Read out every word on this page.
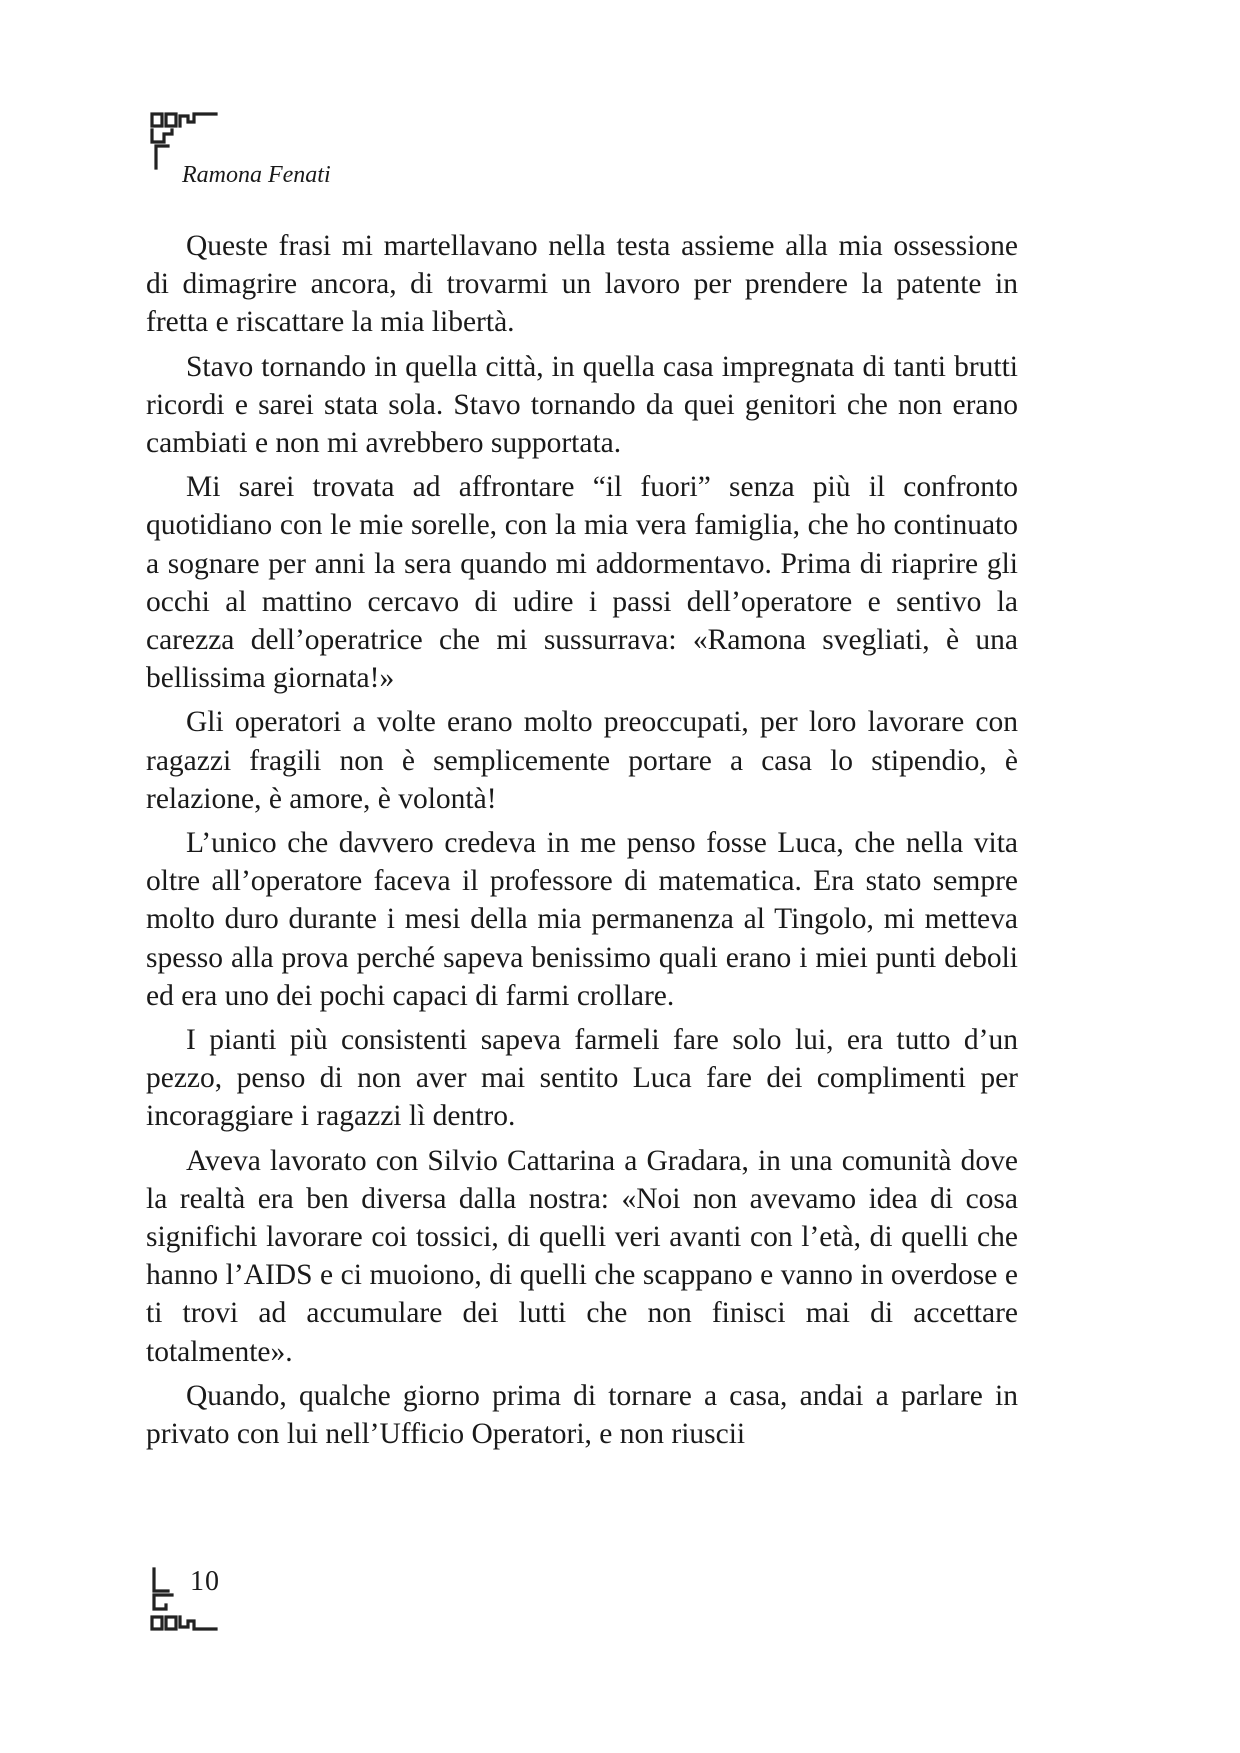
Ramona Fenati

Queste frasi mi martellavano nella testa assieme alla mia ossessione di dimagrire ancora, di trovarmi un lavoro per prendere la patente in fretta e riscattare la mia libertà.

Stavo tornando in quella città, in quella casa impregnata di tanti brutti ricordi e sarei stata sola. Stavo tornando da quei genitori che non erano cambiati e non mi avrebbero supportata.

Mi sarei trovata ad affrontare “il fuori” senza più il confronto quotidiano con le mie sorelle, con la mia vera famiglia, che ho continuato a sognare per anni la sera quando mi addormentavo. Prima di riaprire gli occhi al mattino cercavo di udire i passi dell’operatore e sentivo la carezza dell’operatrice che mi sussurrava: «Ramona svegliati, è una bellissima giornata!»

Gli operatori a volte erano molto preoccupati, per loro lavorare con ragazzi fragili non è semplicemente portare a casa lo stipendio, è relazione, è amore, è volontà!

L’unico che davvero credeva in me penso fosse Luca, che nella vita oltre all’operatore faceva il professore di matematica. Era stato sempre molto duro durante i mesi della mia permanenza al Tingolo, mi metteva spesso alla prova perché sapeva benissimo quali erano i miei punti deboli ed era uno dei pochi capaci di farmi crollare.

I pianti più consistenti sapeva farmeli fare solo lui, era tutto d’un pezzo, penso di non aver mai sentito Luca fare dei complimenti per incoraggiare i ragazzi lì dentro.

Aveva lavorato con Silvio Cattarina a Gradara, in una comunità dove la realtà era ben diversa dalla nostra: «Noi non avevamo idea di cosa significhi lavorare coi tossici, di quelli veri avanti con l’età, di quelli che hanno l’AIDS e ci muoiono, di quelli che scappano e vanno in overdose e ti trovi ad accumulare dei lutti che non finisci mai di accettare totalmente».

Quando, qualche giorno prima di tornare a casa, andai a parlare in privato con lui nell’Ufficio Operatori, e non riuscii

10
